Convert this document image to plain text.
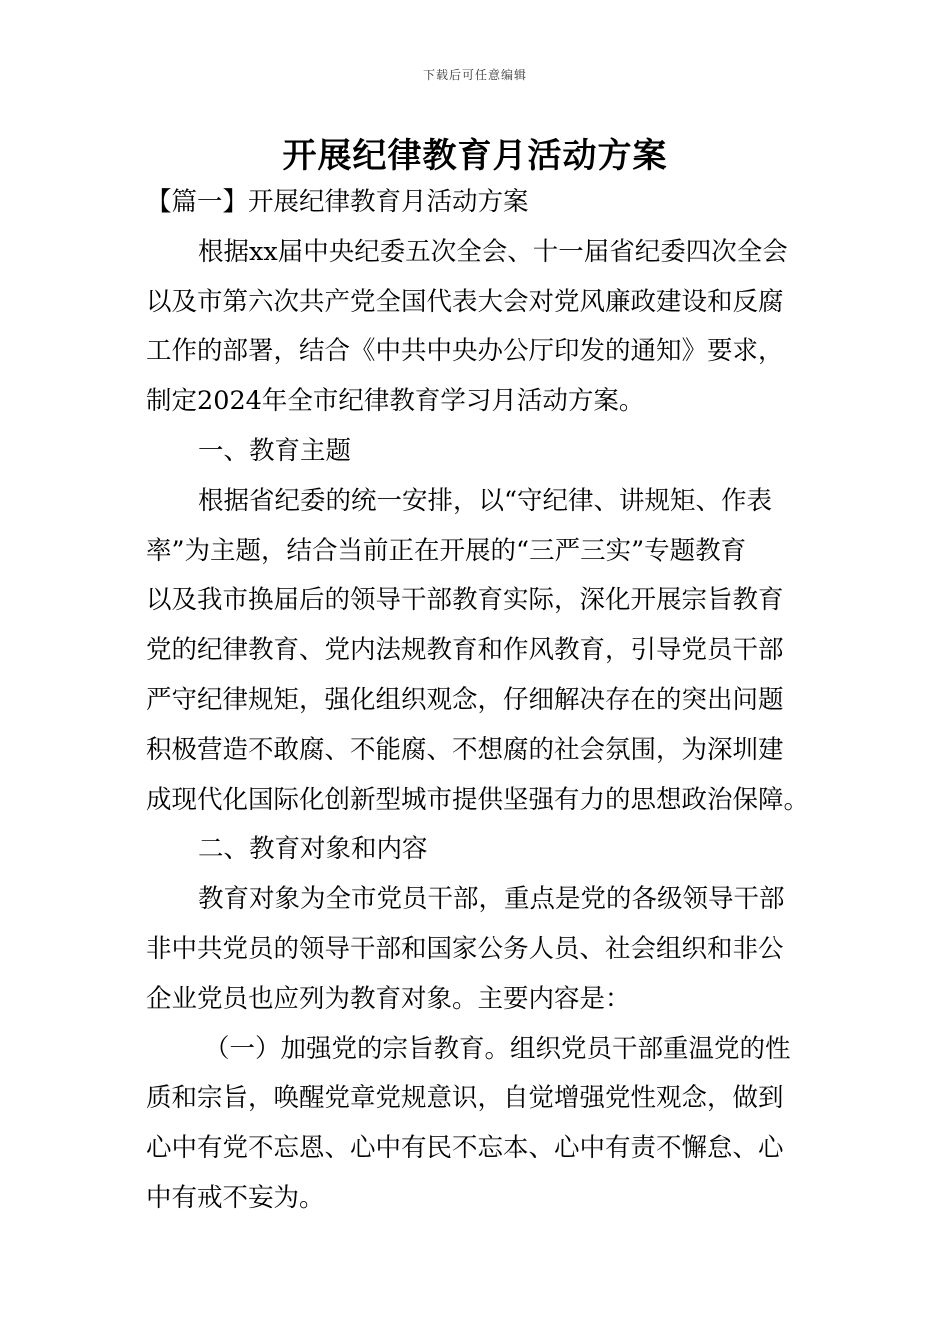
下载后可任意编辑
开展纪律教育月活动方案
【篇一】开展纪律教育月活动方案
根据xx届中央纪委五次全会、十一届省纪委四次全会
以及市第六次共产党全国代表大会对党风廉政建设和反腐
工作的部署，结合《中共中央办公厅印发的通知》要求，
制定2024年全市纪律教育学习月活动方案。
一、教育主题
根据省纪委的统一安排，以“守纪律、讲规矩、作表
率”为主题，结合当前正在开展的“三严三实”专题教育
以及我市换届后的领导干部教育实际，深化开展宗旨教育
党的纪律教育、党内法规教育和作风教育，引导党员干部
严守纪律规矩，强化组织观念，仔细解决存在的突出问题
积极营造不敢腐、不能腐、不想腐的社会氛围，为深圳建
成现代化国际化创新型城市提供坚强有力的思想政治保障。
二、教育对象和内容
教育对象为全市党员干部，重点是党的各级领导干部
非中共党员的领导干部和国家公务人员、社会组织和非公
企业党员也应列为教育对象。主要内容是：
（一）加强党的宗旨教育。组织党员干部重温党的性
质和宗旨，唤醒党章党规意识，自觉增强党性观念，做到
心中有党不忘恩、心中有民不忘本、心中有责不懈怠、心
中有戒不妄为。
